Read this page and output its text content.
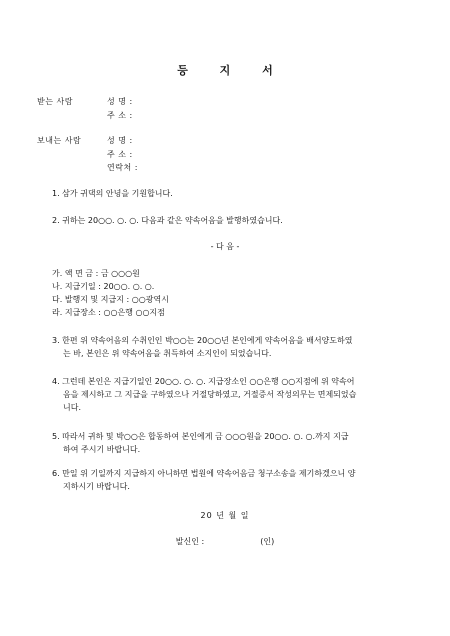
등 지 서
받는 사람	성 명 :
주 소 :
보내는 사람	성 명 :
주 소 :
연락처 :
1. 삼가 귀댁의 안녕을 기원합니다.
2. 귀하는 20○○. ○. ○. 다음과 같은 약속어음을 발행하였습니다.
- 다 음 -
가. 액 면 금 : 금 ○○○원
나. 지급기일 : 20○○. ○. ○.
다. 발행지 및 지급지 : ○○광역시
라. 지급장소 : ○○은행 ○○지점
3. 한편 위 약속어음의 수취인인 박○○는 20○○년 본인에게 약속어음을 배서양도하였
는 바, 본인은 위 약속어음을 취득하여 소지인이 되었습니다.
4. 그런데 본인은 지급기일인 20○○. ○. ○. 지급장소인 ○○은행 ○○지점에 위 약속어
음을 제시하고 그 지급을 구하였으나 거절당하였고, 거절증서 작성의무는 면제되었습
니다.
5. 따라서 귀하 및 박○○은 합동하여 본인에게 금 ○○○원을 20○○. ○. ○.까지 지급
하여 주시기 바랍니다.
6. 만일 위 기일까지 지급하지 아니하면 법원에 약속어음금 청구소송을 제기하겠으니 양
지하시기 바랍니다.
20 년 월 일
발신인 :	(인)
